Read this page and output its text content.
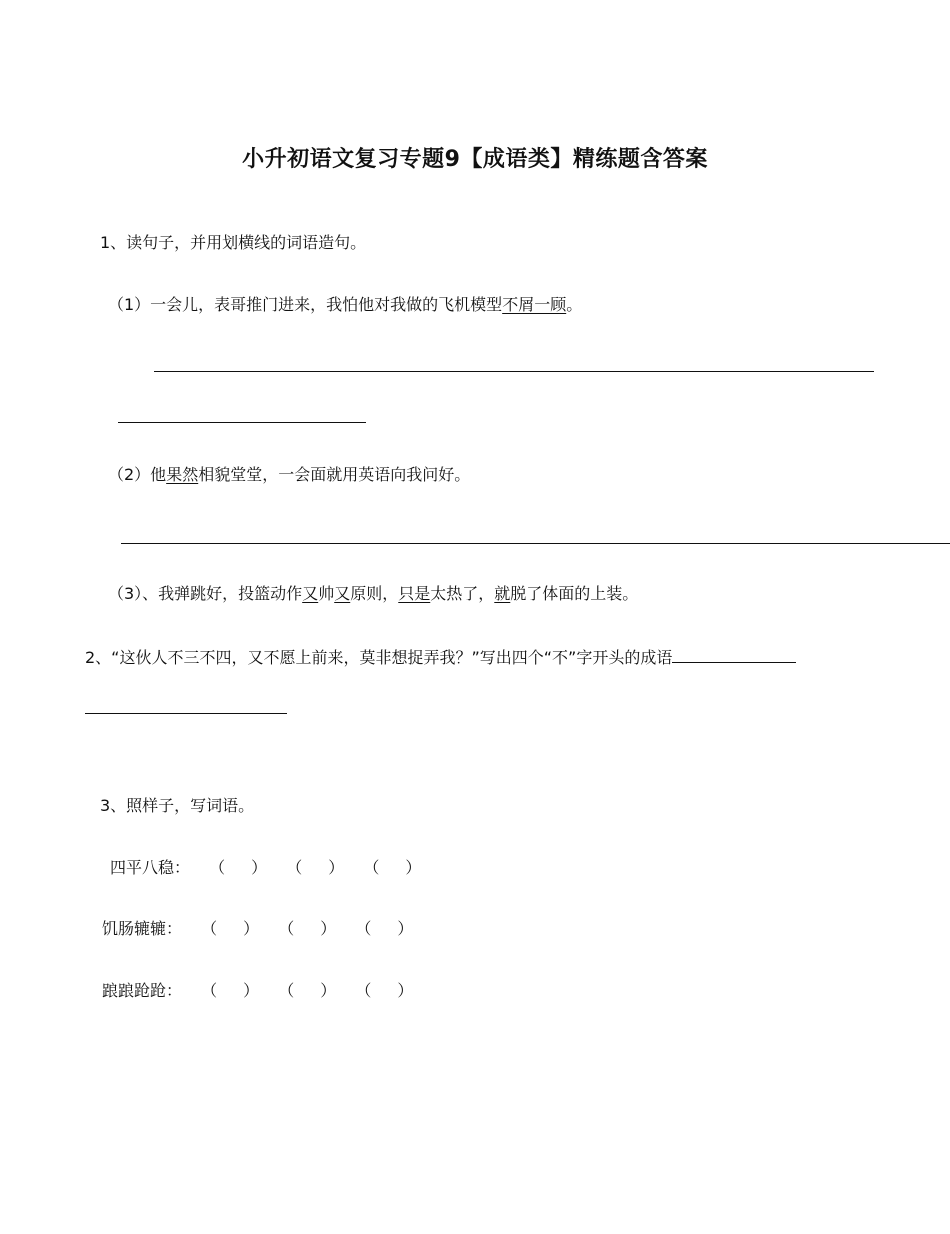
小升初语文复习专题9【成语类】精练题含答案
1、读句子，并用划横线的词语造句。
（1）一会儿，表哥推门进来，我怕他对我做的飞机模型不屑一顾。
（2）他果然相貌堂堂，一会面就用英语向我问好。
（3）、我弹跳好，投篮动作又帅又原则，只是太热了，就脱了体面的上装。
2、“这伙人不三不四，又不愿上前来，莫非想捉弄我？”写出四个“不”字开头的成语
3、照样子，写词语。
四平八稳： （ ） （ ） （ ）
饥肠辘辘： （ ） （ ） （ ）
踉踉跄跄： （ ） （ ） （ ）
